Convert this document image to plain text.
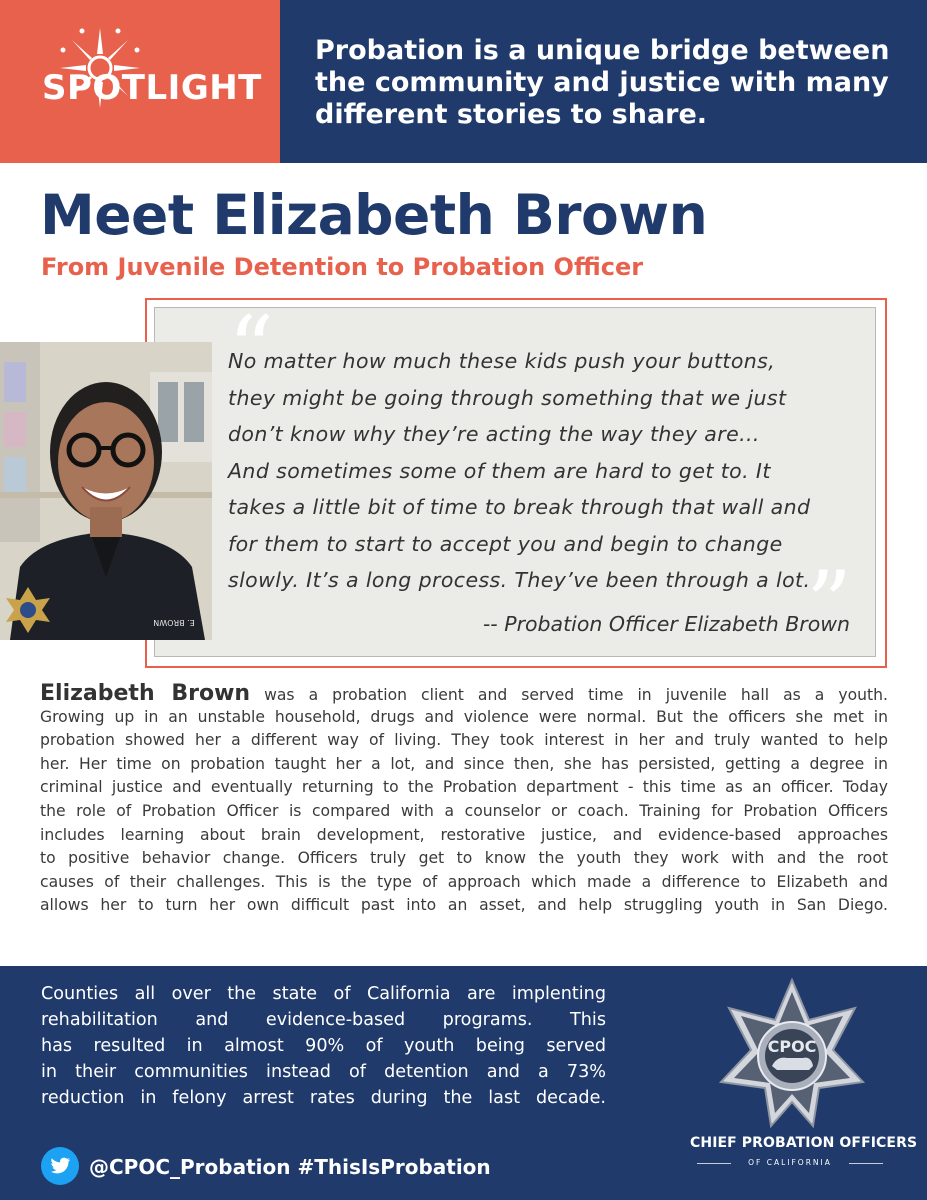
SPOTLIGHT
Probation is a unique bridge between
the community and justice with many
different stories to share.
Meet Elizabeth Brown
From Juvenile Detention to Probation Officer
“
”
No matter how much these kids push your buttons,
they might be going through something that we just
don’t know why they’re acting the way they are...
And sometimes some of them are hard to get to. It
takes a little bit of time to break through that wall and
for them to start to accept you and begin to change
slowly. It’s a long process. They’ve been through a lot.
-- Probation Officer Elizabeth Brown
E. BROWN
Elizabeth Brown was a probation client and served time in juvenile hall as a youth.
Growing up in an unstable household, drugs and violence were normal. But the officers she met in
probation showed her a different way of living. They took interest in her and truly wanted to help
her. Her time on probation taught her a lot, and since then, she has persisted, getting a degree in
criminal justice and eventually returning to the Probation department - this time as an officer. Today
the role of Probation Officer is compared with a counselor or coach. Training for Probation Officers
includes learning about brain development, restorative justice, and evidence-based approaches
to positive behavior change. Officers truly get to know the youth they work with and the root
causes of their challenges. This is the type of approach which made a difference to Elizabeth and
allows her to turn her own difficult past into an asset, and help struggling youth in San Diego.
Counties all over the state of California are implenting
rehabilitation and evidence-based programs. This
has resulted in almost 90% of youth being served
in their communities instead of detention and a 73%
reduction in felony arrest rates during the last decade.
@CPOC_Probation #ThisIsProbation
CPOC
CHIEF PROBATION OFFICERS
OF CALIFORNIA
